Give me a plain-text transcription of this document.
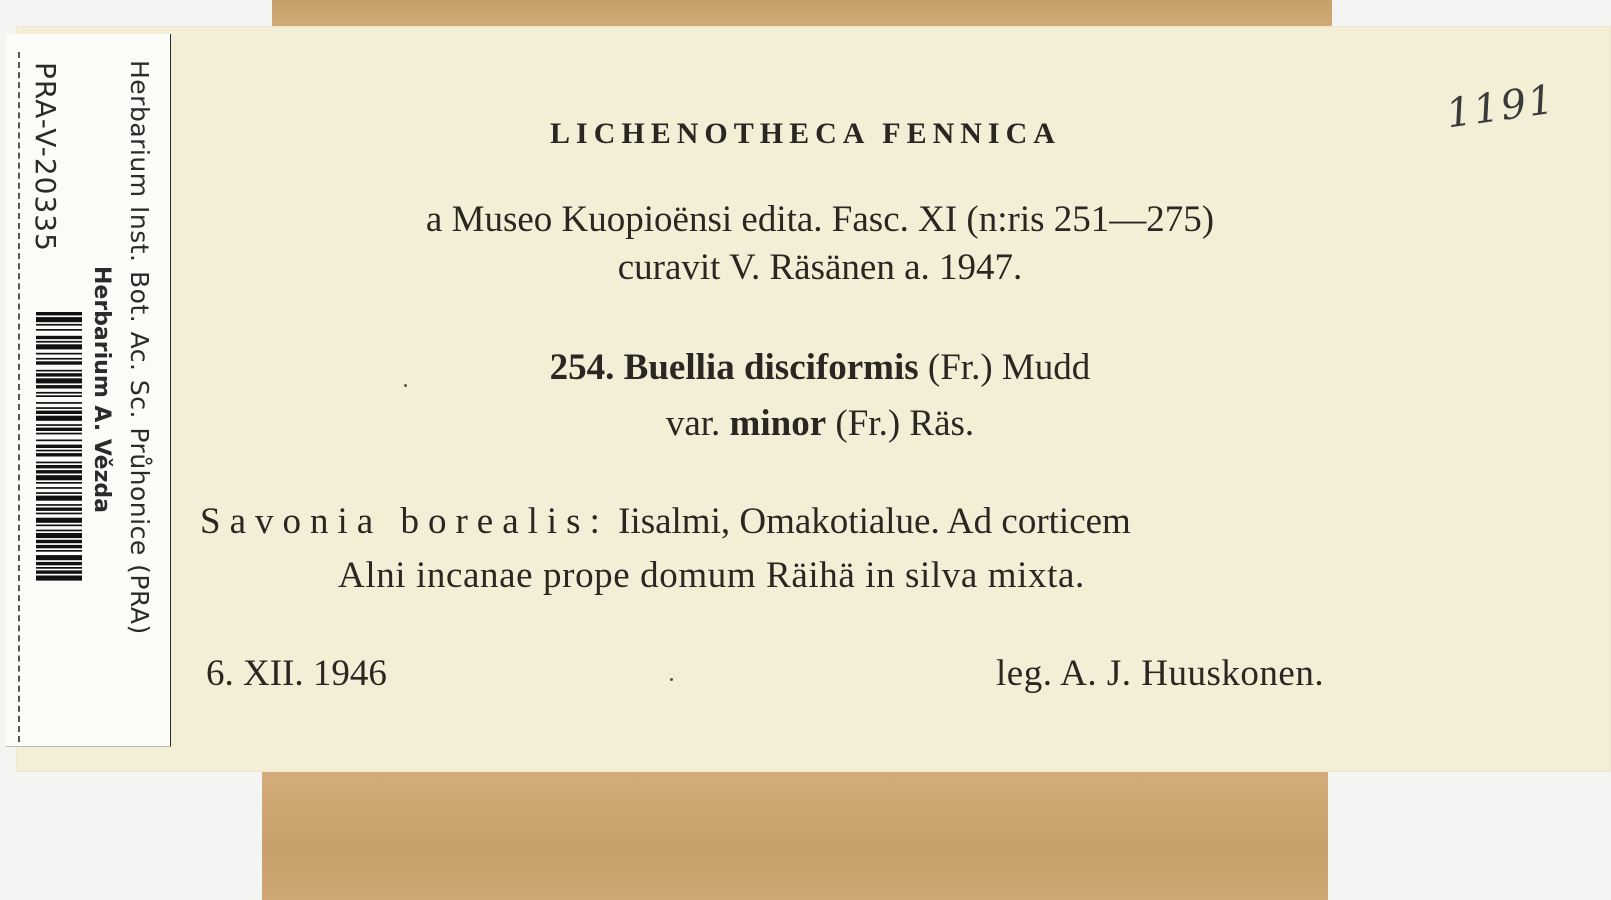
PRA-V-20335	Herbarium Inst. Bot. Ac. Sc. Průhonice (PRA)
Herbarium A. Vězda
LICHENOTHECA FENNICA
a Museo Kuopioënsi edita. Fasc. XI (n:ris 251—275)
curavit V. Räsänen a. 1947.
254. Buellia disciformis (Fr.) Mudd
var. minor (Fr.) Räs.
Savonia borealis: Iisalmi, Omakotialue. Ad corticem
Alni incanae prope domum Räihä in silva mixta.
6. XII. 1946	leg. A. J. Huuskonen.
1191
